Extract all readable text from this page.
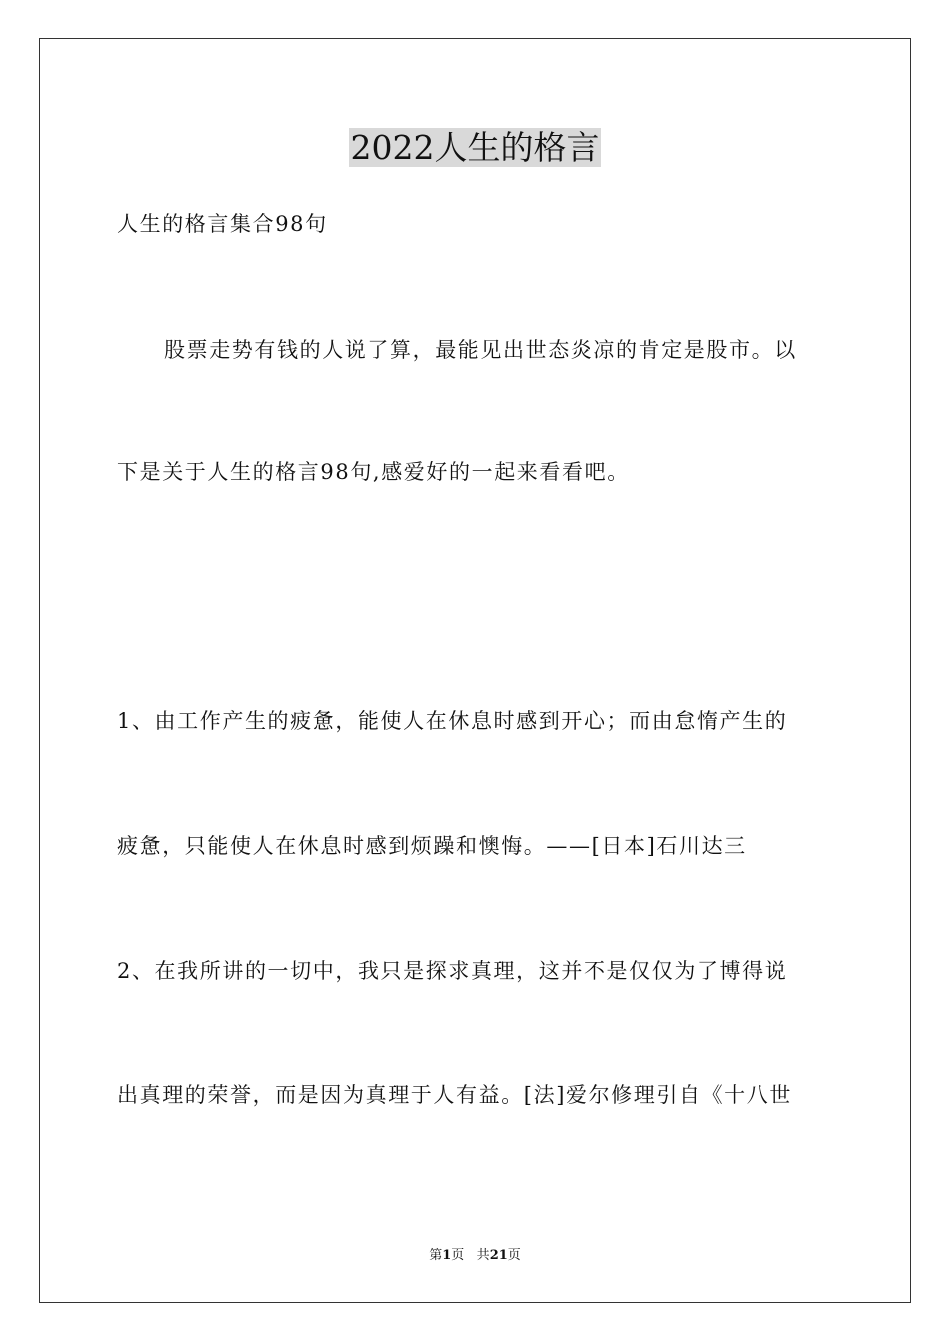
2022人生的格言
人生的格言集合98句
股票走势有钱的人说了算，最能见出世态炎凉的肯定是股市。以
下是关于人生的格言98句,感爱好的一起来看看吧。
1、由工作产生的疲惫，能使人在休息时感到开心；而由怠惰产生的
疲惫，只能使人在休息时感到烦躁和懊悔。——[日本]石川达三
2、在我所讲的一切中，我只是探求真理，这并不是仅仅为了博得说
出真理的荣誉，而是因为真理于人有益。[法]爱尔修理引自《十八世
第1页 共21页
